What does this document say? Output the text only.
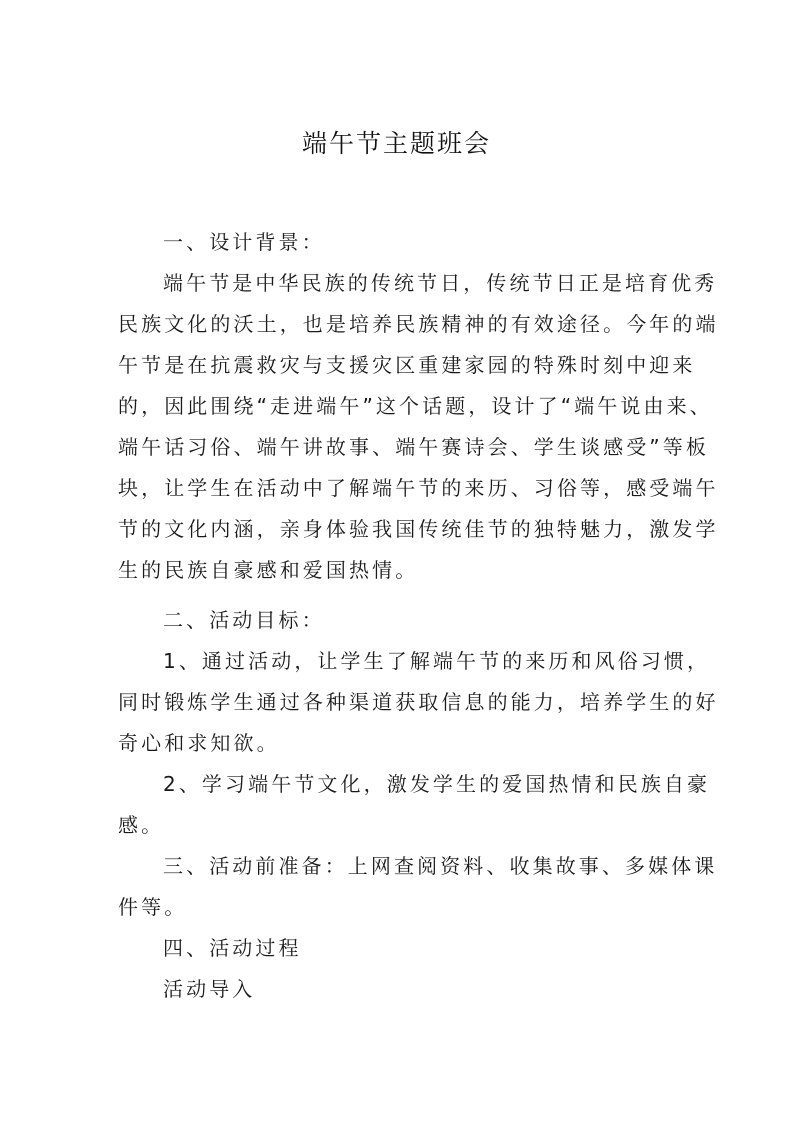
端午节主题班会
一、设计背景：
端午节是中华民族的传统节日，传统节日正是培育优秀
民族文化的沃土，也是培养民族精神的有效途径。今年的端
午节是在抗震救灾与支援灾区重建家园的特殊时刻中迎来
的，因此围绕“走进端午”这个话题，设计了“端午说由来、
端午话习俗、端午讲故事、端午赛诗会、学生谈感受”等板
块，让学生在活动中了解端午节的来历、习俗等，感受端午
节的文化内涵，亲身体验我国传统佳节的独特魅力，激发学
生的民族自豪感和爱国热情。
二、活动目标：
1、通过活动，让学生了解端午节的来历和风俗习惯，
同时锻炼学生通过各种渠道获取信息的能力，培养学生的好
奇心和求知欲。
2、学习端午节文化，激发学生的爱国热情和民族自豪
感。
三、活动前准备：上网查阅资料、收集故事、多媒体课
件等。
四、活动过程
活动导入
